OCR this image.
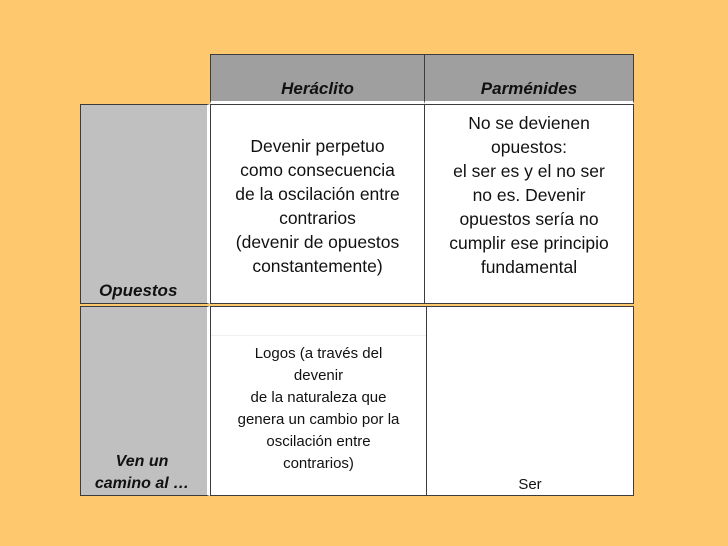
Heráclito	Parménides
Opuestos
Devenir perpetuo
como consecuencia
de la oscilación entre
contrarios
(devenir de opuestos
constantemente)
No se devienen
opuestos:
el ser es y el no ser
no es. Devenir
opuestos sería no
cumplir ese principio
fundamental
Ven un
camino al …
Logos (a través del
devenir
de la naturaleza que
genera un cambio por la
oscilación entre
contrarios)
Ser
